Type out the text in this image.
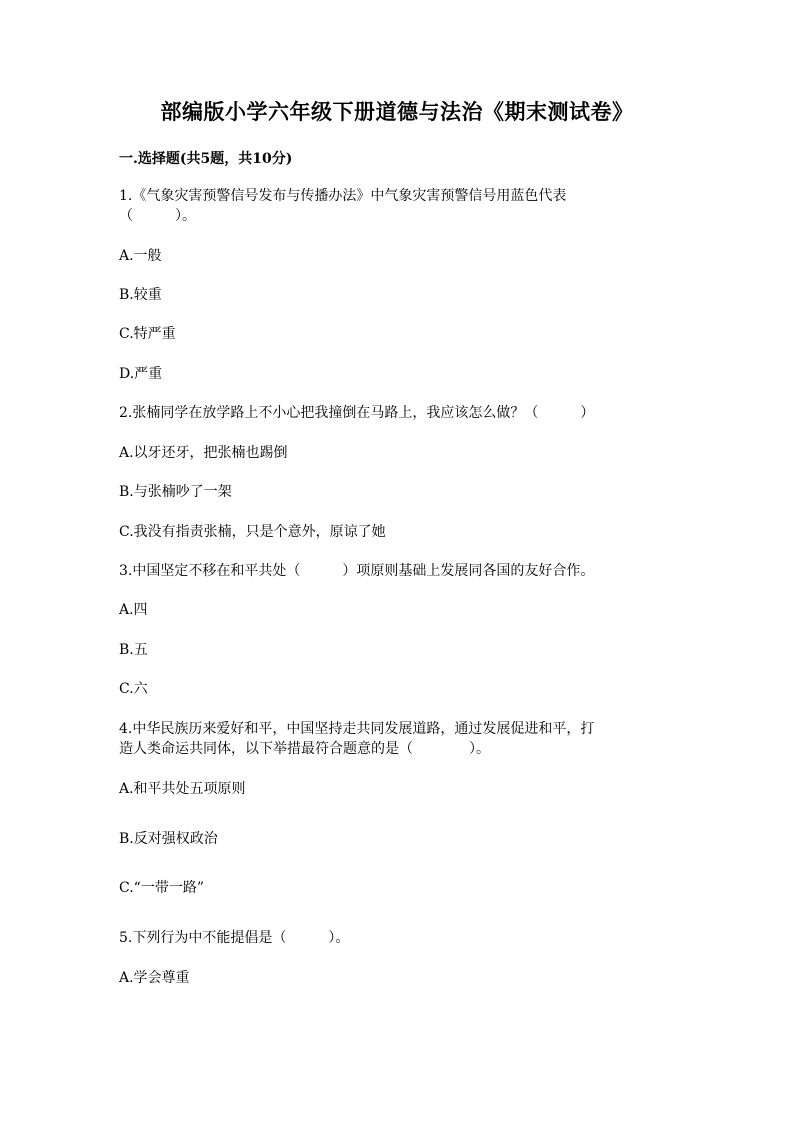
部编版小学六年级下册道德与法治《期末测试卷》
一.选择题(共5题，共10分)
1.《气象灾害预警信号发布与传播办法》中气象灾害预警信号用蓝色代表
（　　　）。
A.一般
B.较重
C.特严重
D.严重
2.张楠同学在放学路上不小心把我撞倒在马路上，我应该怎么做？（　　　）
A.以牙还牙，把张楠也踢倒
B.与张楠吵了一架
C.我没有指责张楠，只是个意外，原谅了她
3.中国坚定不移在和平共处（　　　）项原则基础上发展同各国的友好合作。
A.四
B.五
C.六
4.中华民族历来爱好和平，中国坚持走共同发展道路，通过发展促进和平，打
造人类命运共同体，以下举措最符合题意的是（　　　　）。
A.和平共处五项原则
B.反对强权政治
C.“一带一路”
5.下列行为中不能提倡是（　　　）。
A.学会尊重
